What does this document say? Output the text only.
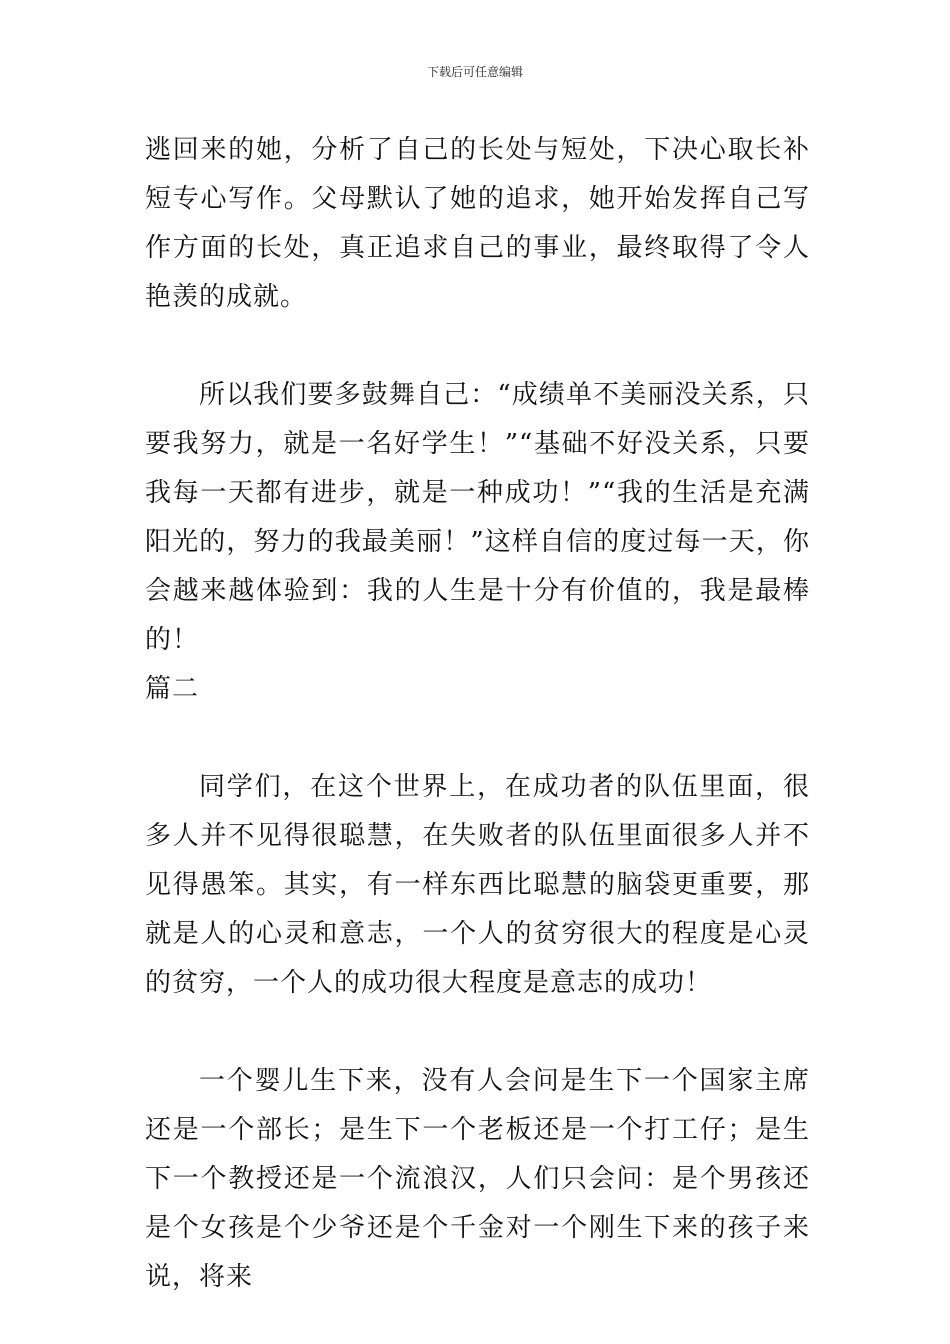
下载后可任意编辑

逃回来的她，分析了自己的长处与短处，下决心取长补短专心写作。父母默认了她的追求，她开始发挥自己写作方面的长处，真正追求自己的事业，最终取得了令人艳羡的成就。

所以我们要多鼓舞自己：“成绩单不美丽没关系，只要我努力，就是一名好学生！”“基础不好没关系，只要我每一天都有进步，就是一种成功！”“我的生活是充满阳光的，努力的我最美丽！”这样自信的度过每一天，你会越来越体验到：我的人生是十分有价值的，我是最棒的！

篇二

同学们，在这个世界上，在成功者的队伍里面，很多人并不见得很聪慧，在失败者的队伍里面很多人并不见得愚笨。其实，有一样东西比聪慧的脑袋更重要，那就是人的心灵和意志，一个人的贫穷很大的程度是心灵的贫穷，一个人的成功很大程度是意志的成功！

一个婴儿生下来，没有人会问是生下一个国家主席还是一个部长；是生下一个老板还是一个打工仔；是生下一个教授还是一个流浪汉，人们只会问：是个男孩还是个女孩是个少爷还是个千金对一个刚生下来的孩子来说，将来
